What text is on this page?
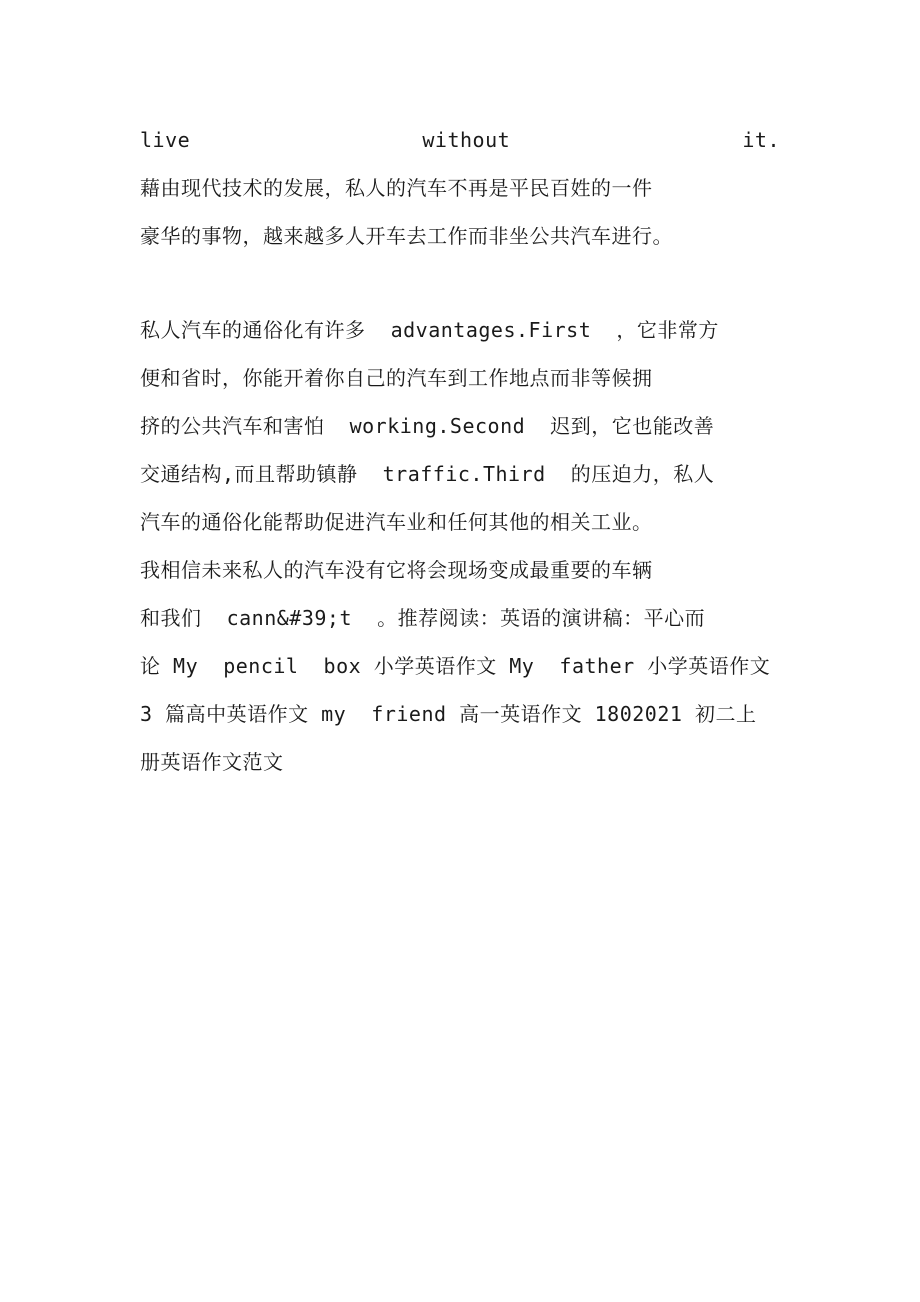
live	without	it.
藉由现代技术的发展，私人的汽车不再是平民百姓的一件
豪华的事物，越来越多人开车去工作而非坐公共汽车进行。
私人汽车的通俗化有许多  advantages.First  ，它非常方
便和省时，你能开着你自己的汽车到工作地点而非等候拥
挤的公共汽车和害怕  working.Second  迟到，它也能改善
交通结构,而且帮助镇静  traffic.Third  的压迫力，私人
汽车的通俗化能帮助促进汽车业和任何其他的相关工业。
我相信未来私人的汽车没有它将会现场变成最重要的车辆
和我们  cann&#39;t  。推荐阅读：英语的演讲稿：平心而
论 My  pencil  box 小学英语作文 My  father 小学英语作文
3 篇高中英语作文 my  friend 高一英语作文 1802021 初二上
册英语作文范文
